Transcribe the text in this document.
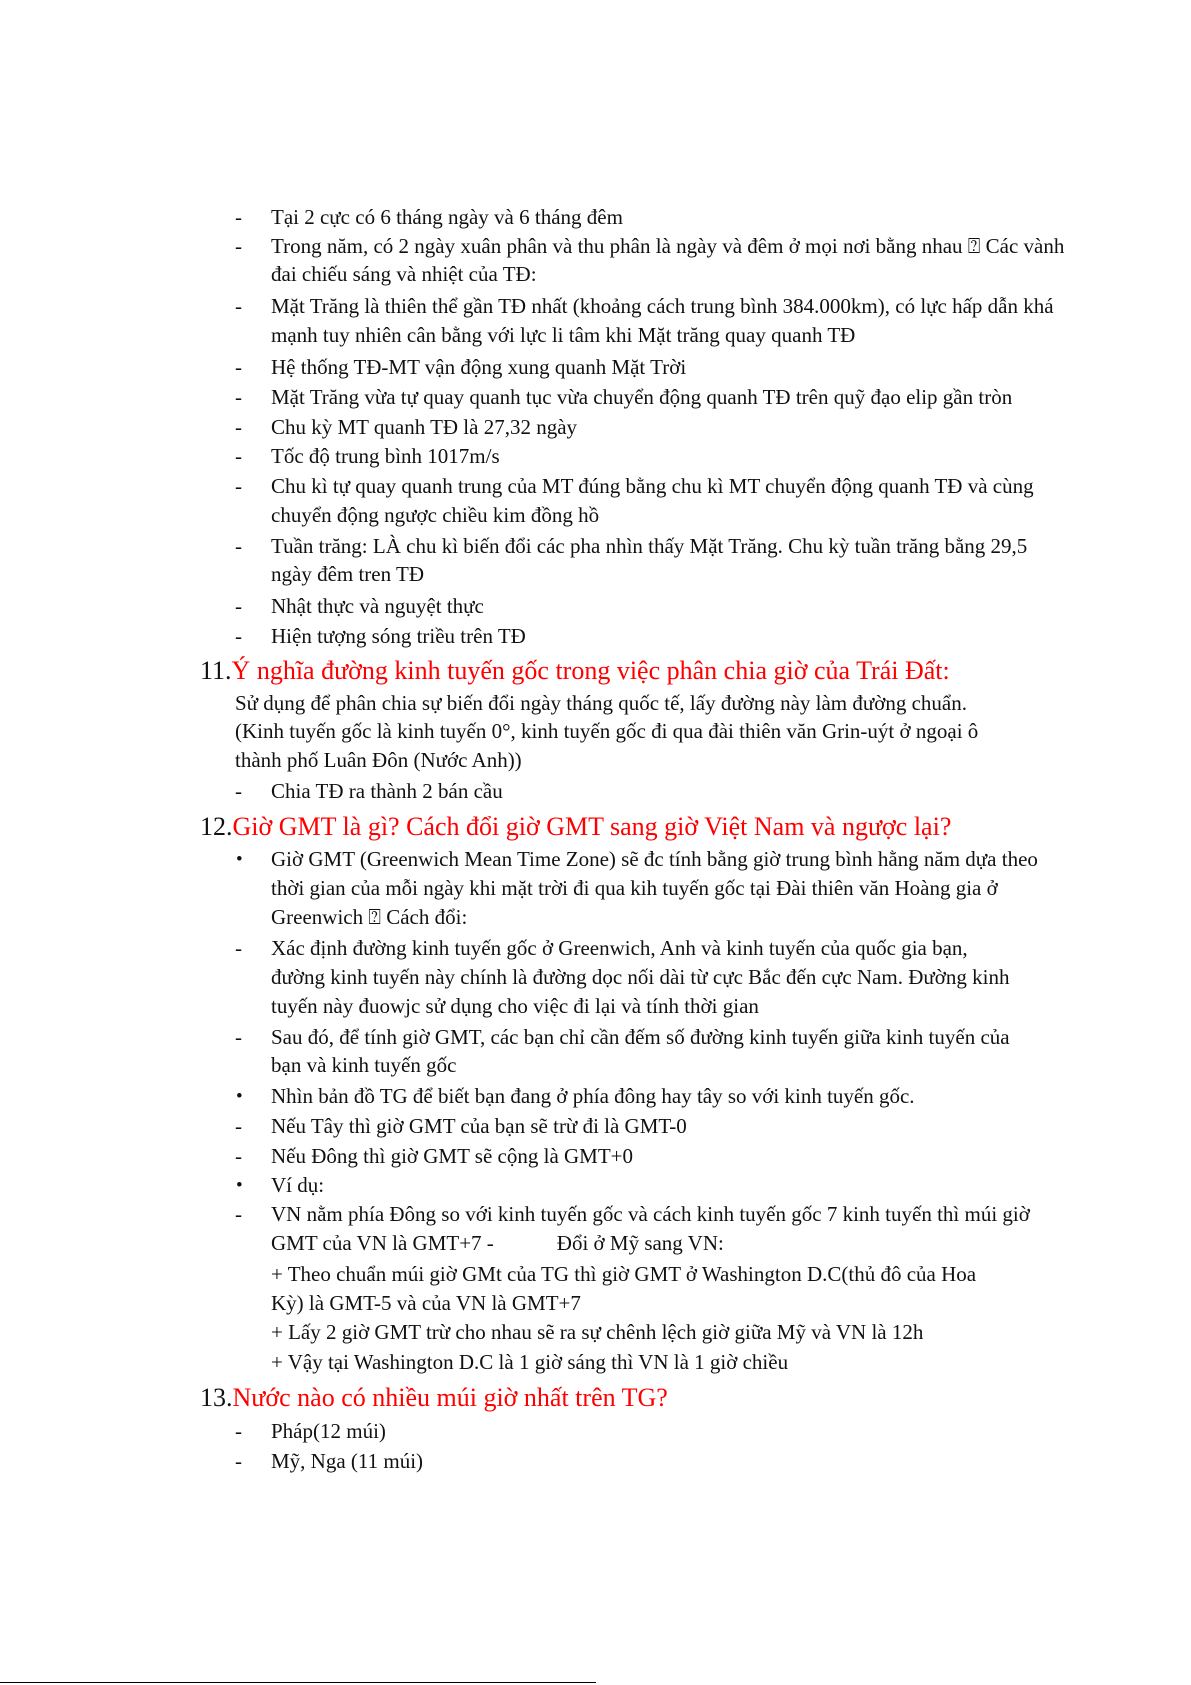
- Tại 2 cực có 6 tháng ngày và 6 tháng đêm
- Trong năm, có 2 ngày xuân phân và thu phân là ngày và đêm ở mọi nơi bằng nhau ⍰ Các vành
đai chiếu sáng và nhiệt của TĐ:
- Mặt Trăng là thiên thể gần TĐ nhất (khoảng cách trung bình 384.000km), có lực hấp dẫn khá
mạnh tuy nhiên cân bằng với lực li tâm khi Mặt trăng quay quanh TĐ
- Hệ thống TĐ-MT vận động xung quanh Mặt Trời
- Mặt Trăng vừa tự quay quanh tục vừa chuyển động quanh TĐ trên quỹ đạo elip gần tròn
- Chu kỳ MT quanh TĐ là 27,32 ngày
- Tốc độ trung bình 1017m/s
- Chu kì tự quay quanh trung của MT đúng bằng chu kì MT chuyển động quanh TĐ và cùng
chuyển động ngược chiều kim đồng hồ
- Tuần trăng: LÀ chu kì biến đổi các pha nhìn thấy Mặt Trăng. Chu kỳ tuần trăng bằng 29,5
ngày đêm tren TĐ
- Nhật thực và nguyệt thực
- Hiện tượng sóng triều trên TĐ
11.Ý nghĩa đường kinh tuyến gốc trong việc phân chia giờ của Trái Đất:
Sử dụng để phân chia sự biến đổi ngày tháng quốc tế, lấy đường này làm đường chuẩn.
(Kinh tuyến gốc là kinh tuyến 0°, kinh tuyến gốc đi qua đài thiên văn Grin-uýt ở ngoại ô
thành phố Luân Đôn (Nước Anh))
- Chia TĐ ra thành 2 bán cầu
12.Giờ GMT là gì? Cách đổi giờ GMT sang giờ Việt Nam và ngược lại?
• Giờ GMT (Greenwich Mean Time Zone) sẽ đc tính bằng giờ trung bình hằng năm dựa theo
thời gian của mỗi ngày khi mặt trời đi qua kih tuyến gốc tại Đài thiên văn Hoàng gia ở
Greenwich ⍰ Cách đổi:
- Xác định đường kinh tuyến gốc ở Greenwich, Anh và kinh tuyến của quốc gia bạn,
đường kinh tuyến này chính là đường dọc nối dài từ cực Bắc đến cực Nam. Đường kinh
tuyến này đuowjc sử dụng cho việc đi lại và tính thời gian
- Sau đó, để tính giờ GMT, các bạn chỉ cần đếm số đường kinh tuyến giữa kinh tuyến của
bạn và kinh tuyến gốc
• Nhìn bản đồ TG để biết bạn đang ở phía đông hay tây so với kinh tuyến gốc.
- Nếu Tây thì giờ GMT của bạn sẽ trừ đi là GMT-0
- Nếu Đông thì giờ GMT sẽ cộng là GMT+0
• Ví dụ:
- VN nằm phía Đông so với kinh tuyến gốc và cách kinh tuyến gốc 7 kinh tuyến thì múi giờ
GMT của VN là GMT+7 -            Đổi ở Mỹ sang VN:
+ Theo chuẩn múi giờ GMt của TG thì giờ GMT ở Washington D.C(thủ đô của Hoa
Kỳ) là GMT-5 và của VN là GMT+7
+ Lấy 2 giờ GMT trừ cho nhau sẽ ra sự chênh lệch giờ giữa Mỹ và VN là 12h
+ Vậy tại Washington D.C là 1 giờ sáng thì VN là 1 giờ chiều
13.Nước nào có nhiều múi giờ nhất trên TG?
- Pháp(12 múi)
- Mỹ, Nga (11 múi)
